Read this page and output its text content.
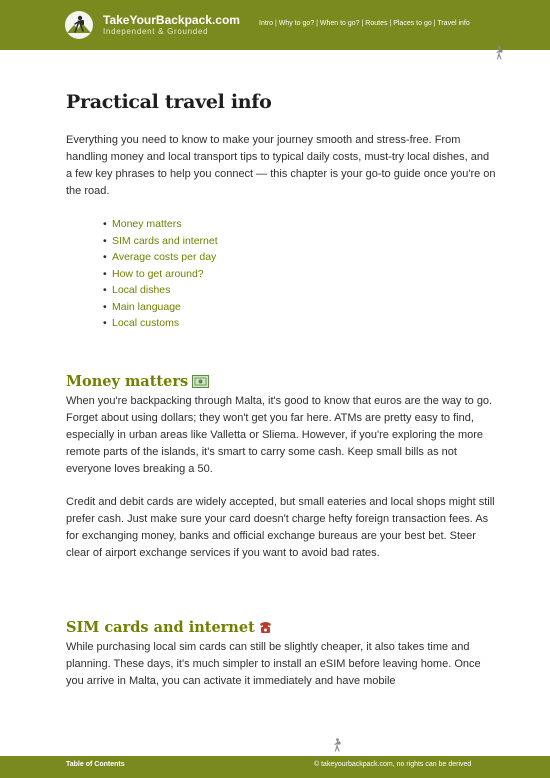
TakeYourBackpack.com
Independent & Grounded
Intro | Why to go? | When to go? | Routes | Places to go | Travel info
Practical travel info

Everything you need to know to make your journey smooth and stress-free. From handling money and local transport tips to typical daily costs, must-try local dishes, and a few key phrases to help you connect — this chapter is your go-to guide once you're on the road.

• Money matters
• SIM cards and internet
• Average costs per day
• How to get around?
• Local dishes
• Main language
• Local customs
Money matters

When you're backpacking through Malta, it's good to know that euros are the way to go. Forget about using dollars; they won't get you far here. ATMs are pretty easy to find, especially in urban areas like Valletta or Sliema. However, if you're exploring the more remote parts of the islands, it's smart to carry some cash. Keep small bills as not everyone loves breaking a 50.

Credit and debit cards are widely accepted, but small eateries and local shops might still prefer cash. Just make sure your card doesn't charge hefty foreign transaction fees. As for exchanging money, banks and official exchange bureaus are your best bet. Steer clear of airport exchange services if you want to avoid bad rates.

SIM cards and internet

While purchasing local sim cards can still be slightly cheaper, it also takes time and planning. These days, it's much simpler to install an eSIM before leaving home. Once you arrive in Malta, you can activate it immediately and have mobile

Table of Contents	© takeyourbackpack.com, no rights can be derived
